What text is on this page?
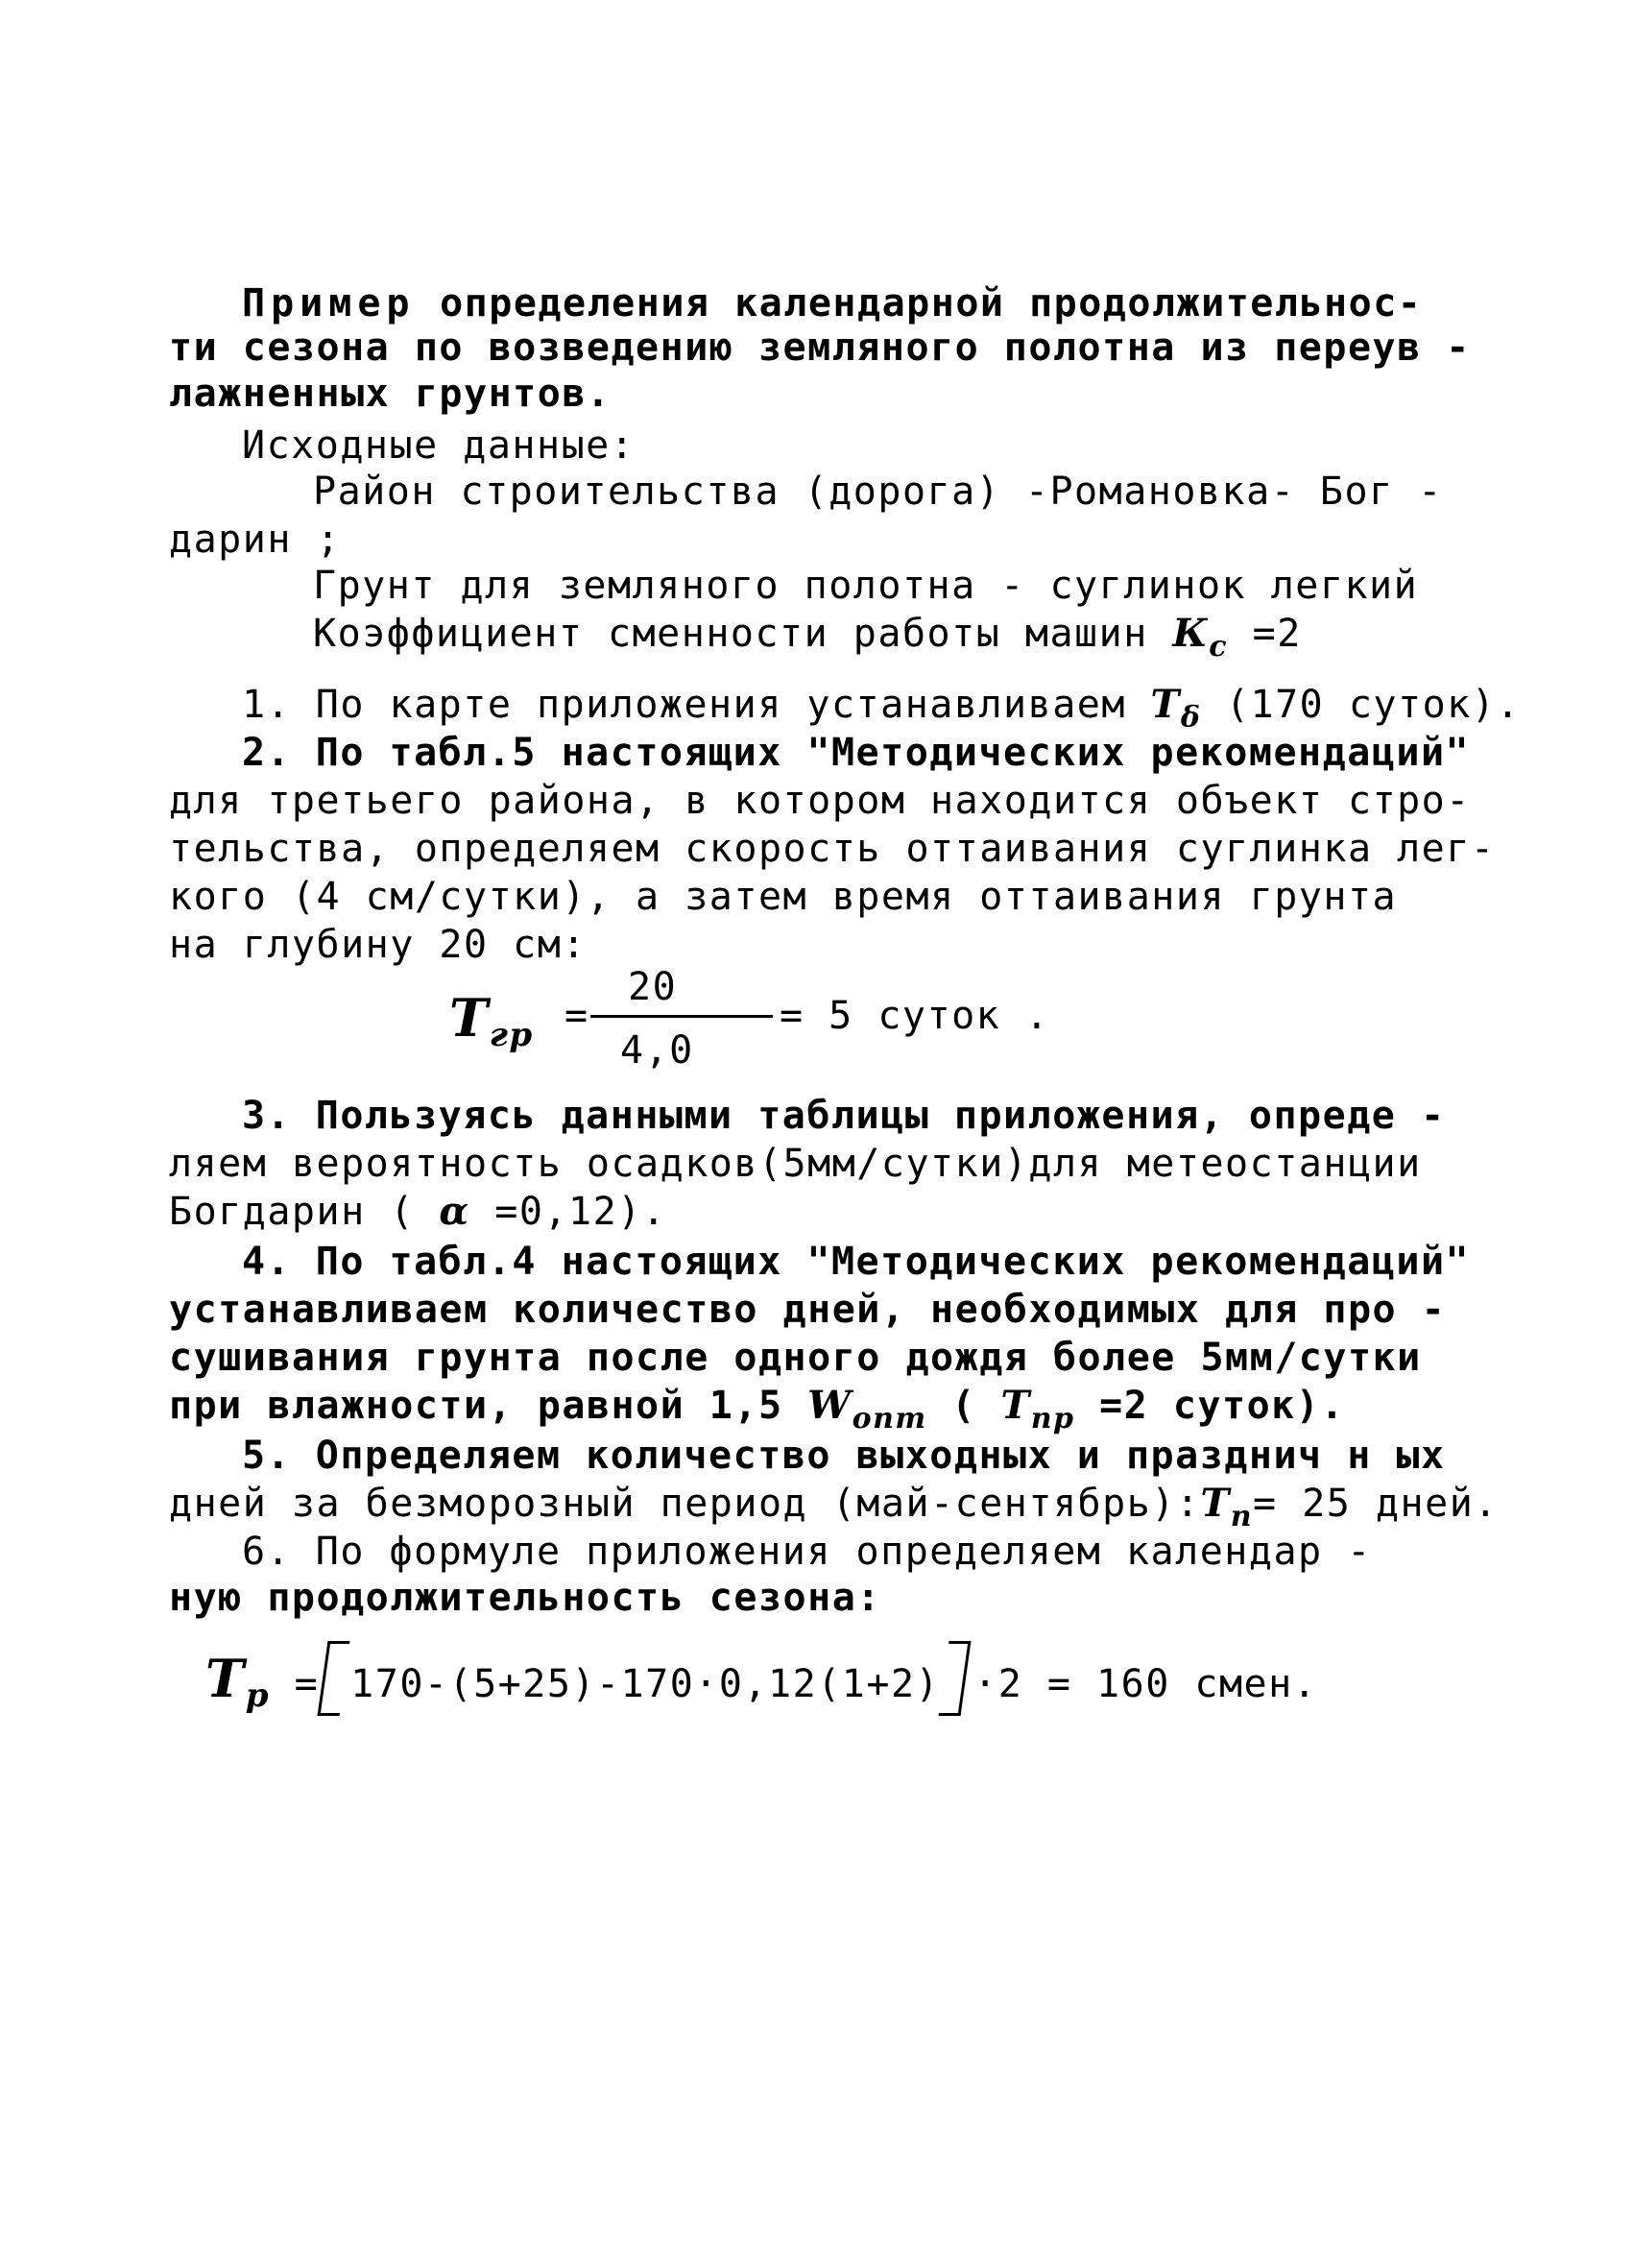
Пример определения календарной продолжительнос-
ти сезона по возведению земляного полотна из переув -
лажненных грунтов.
Исходные данные:
Район строительства (дорога) -Романовка- Бог -
дарин ;
Грунт для земляного полотна - суглинок легкий
Коэффициент сменности работы машин $К_с =2$
1. По карте приложения устанавливаем $Т_\delta$ (170 суток).
2. По табл.5 настоящих "Методических рекомендаций"
для третьего района, в котором находится объект стро-
тельства, определяем скорость оттаивания суглинка лег-
кого (4 см/сутки), а затем время оттаивания грунта
на глубину 20 см:
$Т_{гр}$ =
20
4,0
= 5 суток .
3. Пользуясь данными таблицы приложения, опреде -
ляем вероятность осадков(5мм/сутки)для метеостанции
Богдарин ( α =0,12).
4. По табл.4 настоящих "Методических рекомендаций"
устанавливаем количество дней, необходимых для про -
сушивания грунта после одного дождя более 5мм/сутки
при влажности, равной 1,5 $W_{опт}$ ( $Т_{пр} =2$ суток).
5. Определяем количество выходных и празднич н ых
дней за безморозный период $(май-сентябрь):Т_п= 25$ дней.
6. По формуле приложения определяем календар -
ную продолжительность сезона:
$Т_р = 170-(5+25)-170\cdot 0,12(1+2) \cdot 2 = 160$ смен.
